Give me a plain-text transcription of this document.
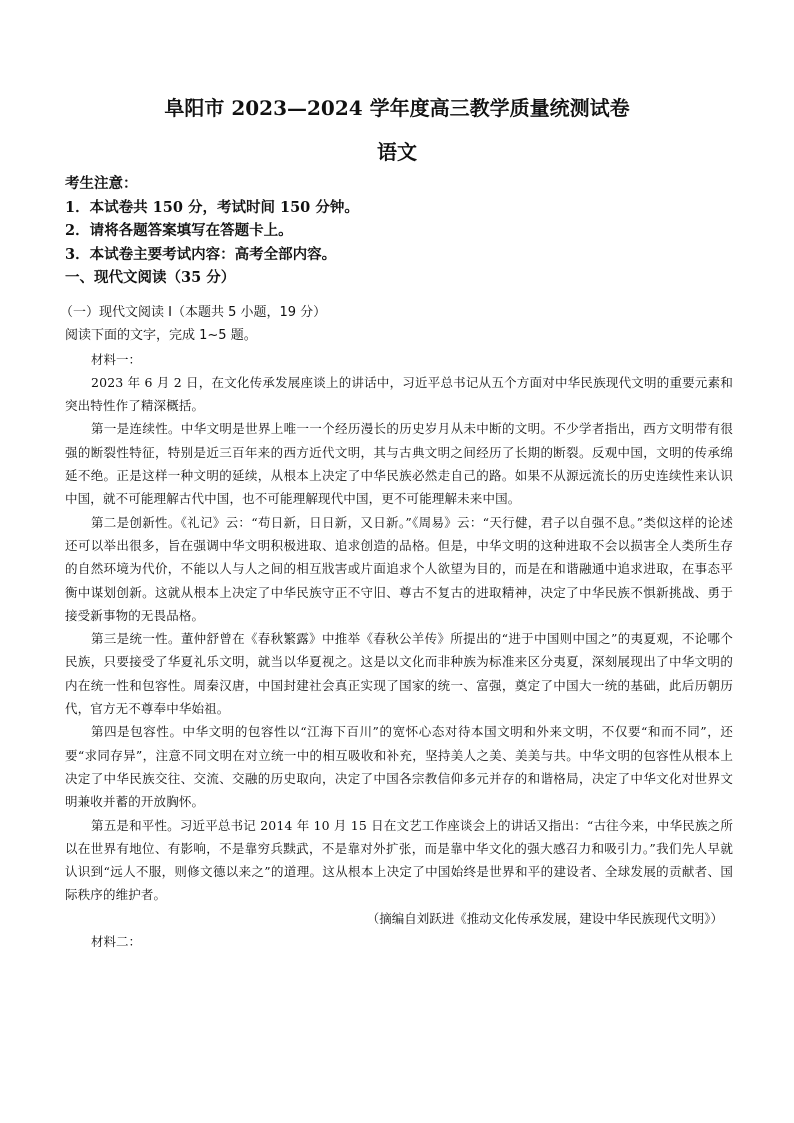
阜阳市 2023—2024 学年度高三教学质量统测试卷
语文
考生注意：
1．本试卷共 150 分，考试时间 150 分钟。
2．请将各题答案填写在答题卡上。
3．本试卷主要考试内容：高考全部内容。
一、现代文阅读（35 分）
（一）现代文阅读 I（本题共 5 小题，19 分）
阅读下面的文字，完成 1~5 题。
材料一：
2023 年 6 月 2 日，在文化传承发展座谈上的讲话中，习近平总书记从五个方面对中华民族现代文明的重要元素和突出特性作了精深概括。
第一是连续性。中华文明是世界上唯一一个经历漫长的历史岁月从未中断的文明。不少学者指出，西方文明带有很强的断裂性特征，特别是近三百年来的西方近代文明，其与古典文明之间经历了长期的断裂。反观中国，文明的传承绵延不绝。正是这样一种文明的延续，从根本上决定了中华民族必然走自己的路。如果不从源远流长的历史连续性来认识中国，就不可能理解古代中国，也不可能理解现代中国，更不可能理解未来中国。
第二是创新性。《礼记》云：“苟日新，日日新，又日新。”《周易》云：“天行健，君子以自强不息。”类似这样的论述还可以举出很多，旨在强调中华文明积极进取、追求创造的品格。但是，中华文明的这种进取不会以损害全人类所生存的自然环境为代价，不能以人与人之间的相互戕害或片面追求个人欲望为目的，而是在和谐融通中追求进取，在事态平衡中谋划创新。这就从根本上决定了中华民族守正不守旧、尊古不复古的进取精神，决定了中华民族不惧新挑战、勇于接受新事物的无畏品格。
第三是统一性。董仲舒曾在《春秋繁露》中推举《春秋公羊传》所提出的“进于中国则中国之”的夷夏观，不论哪个民族，只要接受了华夏礼乐文明，就当以华夏视之。这是以文化而非种族为标准来区分夷夏，深刻展现出了中华文明的内在统一性和包容性。周秦汉唐，中国封建社会真正实现了国家的统一、富强，奠定了中国大一统的基础，此后历朝历代，官方无不尊奉中华始祖。
第四是包容性。中华文明的包容性以“江海下百川”的宽怀心态对待本国文明和外来文明，不仅要“和而不同”，还要“求同存异”，注意不同文明在对立统一中的相互吸收和补充，坚持美人之美、美美与共。中华文明的包容性从根本上决定了中华民族交往、交流、交融的历史取向，决定了中国各宗教信仰多元并存的和谐格局，决定了中华文化对世界文明兼收并蓄的开放胸怀。
第五是和平性。习近平总书记 2014 年 10 月 15 日在文艺工作座谈会上的讲话又指出：“古往今来，中华民族之所以在世界有地位、有影响，不是靠穷兵黩武，不是靠对外扩张，而是靠中华文化的强大感召力和吸引力。”我们先人早就认识到“远人不服，则修文德以来之”的道理。这从根本上决定了中国始终是世界和平的建设者、全球发展的贡献者、国际秩序的维护者。
（摘编自刘跃进《推动文化传承发展，建设中华民族现代文明》）
材料二：
